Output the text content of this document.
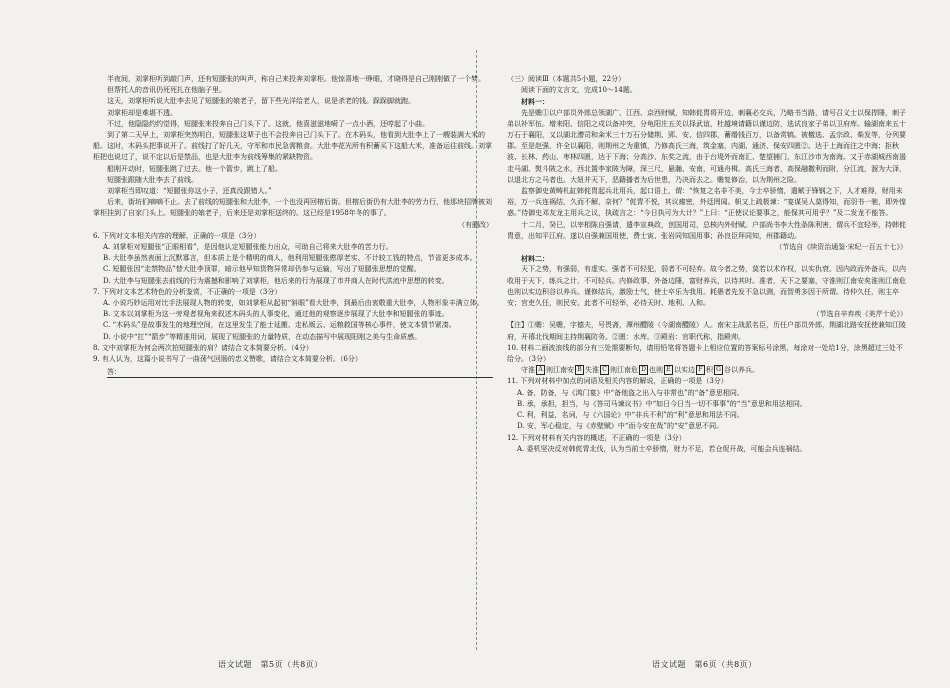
半夜间，刘掌柜听到敲门声，还有短腿张的叫声，称自己来投奔刘掌柜。他惊喜地一睁眼，才晓得是自己刚刚做了一个梦。

但帮托人的音讯仍死死扎在他脑子里。

这天，刘掌柜听说大肚李去见了短腿张的娘老子，留下些光洋给老人，说是杀老的钱。跺跺脚就跑。

刘掌柜却是难堪不透。

不过，他隐隐约约觉得，短腿张来投奔自己门头下了。这就，他喜滋滋地嗬了一点小酒，还哼起了小曲。

到了第二天早上，刘掌柜突然明白，短腿张这辈子也不会投奔自己门头下了。在木码头，他看到大肚李上了一艘装满大米的船。这时，木码头把事说开了。前线打了好几天，守军和市民急需粮食。大肚李花光所有积蓄买下这船大米，准备运往前线。刘掌柜把也说过了，说不定以后是禁品，也是大肚李为前线筹集的紧缺物资。

船刚开动时，短腿张跳了过去。他一个箭步，跳上了船。

短腿张跟随大肚李去了前线。

刘掌柜当即叹道：“短腿张你这小子，还真没跟错人。”

后来，街坊们嘀嘀不止。去了前线的短腿张和大肚李，一个也没再回榕后街。但榕后街仍有大肚李的劳力行，他那块招牌被刘掌柜挂到了自家门头上。短腿张的娘老子，后来还是刘掌柜送终的。这已经是1958年冬的事了。

（有删改）

6. 下列对文本相关内容的理解，正确的一项是（3分）

A. 刘掌柜对短腿张“正眼相看”，是因他认定短腿张能力出众，可助自己将来大肚李的苦力行。

B. 大肚李虽然表面上沉默寡言，但本质上是个精明的商人，他利用短腿张憨厚老实、不计较工钱的特点，节省更多成本。

C. 短腿张因“走禁物品”替大肚李顶罪，暗示他早知货物异常却仍参与运输，写出了短腿张思想的觉醒。

D. 大肚李与短腿张去前线的行为震撼和影响了刘掌柜，他后来的行为展现了市井商人在时代洪流中思想的转变。

7. 下列对文本艺术特色的分析鉴赏，不正确的一项是（3分）

A. 小说巧妙运用对比手法展现人物的转变，如刘掌柜从起初“斜眼”看大肚李，到最后由衷敬重大肚李，人物形象丰满立体。

B. 文本以刘掌柜为这一旁观者视角来叙述木码头的人事变化，通过他的观察逐步展现了大肚李和短腿张的事迹。

C. “木码头”是故事发生的地理空间，在这里发生了能士延搬、走私贩云、运粮救国等核心事件，使文本情节紧凑。

D. 小说中“扛”“箭步”等精准用词，展现了短腿张的力量特质，在动态描写中展现阳刚之美与生命质感。

8. 文中刘掌柜为何会两次拍短腿张的肩？请结合文本简要分析。（4分）

9. 有人认为，这篇小说书写了一曲荡气回肠的忠义赞歌，请结合文本简要分析。（6分）

答：

（三）阅读Ⅲ（本题共5小题，22分）

阅读下面的文言文，完成10～14题。

材料一：

先是赡①以户部员外郎总领湖广、江西、京西财赋，知韩侂胄将开边，刺襄必交兵，乃略书当路，请号召义士以保捍陲，刺子弟以补军伍。增来阳、信阳之戍以备冲突，分龟阳庄五关以择武谊，杜越境请籍以谨边防，选试良家子弟以卫府库。输湖南来五十万石于襄阳，又以湖北漕司和籴米三十万石分储荆、郢、安、信四郡，蓄缗钱百万，以备赏犒。被檄选、孟宗政、柴发等，分列要郡。至是赵强，许全以襄阳，则荆州之为重镇，乃修高氏三海，筑金塞，内湖、通济、保安四匮②。达于上海而注之中海；拒秋波、长林、药山、枣林四匮，达于下海；分高沙、东奖之流，由于台堤外而南汇、楚望捕门，东江沙市为南海。又于赤湖城西南遏走马湖、熨斗陂之水，西北置李家陂为障，深三尺，悬瀚、安南，可通舟楫。高氏三海者，高保融撒利而附，分江流，溜为大泽，以退北方之马者也。大妞并天下，恶籍播者为后世患，乃决而去之。赡复修治，以为荆州之险。

监察御史黄畴札缸韩侂胄起兵北用兵，起口语上，谓：“恢复之名非不美，今士卒骄惰，遣赋于锋钢之下，人才难得，财用未裕，万一兵连祸结，久而不解，奈何？”侂胄不悦，其议瘧密，外廷罔闻。帜又上疏极谏：“宴谋吴人莫得知，而羽书一驰，即外惶惑。”侍御史邓友龙主用兵之议，执疏言之：“今日执可为大计？”上曰：“正使议论要事之，能保其可用乎？”及二发龙不能答。

十二月，癸巳，以宰相陈自强请，遣李宣典政，创国用司，总核内外财赋。户部尚书李大性条陈利害，谓兵不宜轻举，持韩侂胄意，出知平江府。遂以自强兼国用使，费士寅、张岩同知国用事；孙良臣拜同知，州郡籍动。

（节选自《续资治通鉴·宋纪一百五十七》）

材料二：

天下之势，有强弱，有虚实。强者不可轻犯，弱者不可轻弃。故今者之势，莫若以术诈权，以实仇衰。因内政而外备兵，以内收用于天下，练兵之计，不可轻兵。内修政事，外备边陲，富财养兵，以待其时。准者，天下之要塞，守淮则江南安矣淮则江南危也则以实边积谷以养兵。谨修结兵，激励士气，使士卒乐为我用。耗愚者先发不急以测，而智勇多因于所谓。待仲久任，则主卒安；官吏久任，则民安。此者不可轻举，必待天时、地利、人和。

（节选自辛弃疾《美芹十论》）

【注】①赡：吴赡，字德夫，号畏斋，潭州醴陵（今湖南醴陵）人。南宋主战派名臣，历任户部员外郎，荆湖北路安抚使兼知江陵府，开禧北伐期间主持荆襄防务。②匮：水库。③殿岩：官职代称，指殿帅。

10. 材料二画波浪线的部分有三处需要断句，请用铅笔将答题卡上相应位置的答案标号涂黑，每涂对一处给1分，涂黑超过三处不给分。（3分）

守淮 A 则江南安 B 失淮 C 则江南危 D 也则 E 以实边 F 积 G 谷以养兵。

11. 下列对材料中加点的词语及相关内容的解说，正确的一项是（3分）

A. 备，防备，与《鸿门宴》中“备他盗之出入与非常也”的“备”意思相同。

B. 承，承担，担当，与《答司马谏议书》中“如日今日当一切不事事”的“当”意思和用法相同。

C. 利，利益，名词，与《六国论》中“非兵不利”的“利”意思和用法不同。

D. 安，军心稳定，与《赤壁赋》中“而今安在哉”的“安”意思不同。

12. 下列对材料有关内容的概述，不正确的一项是（3分）

A. 委机坚决反对韩侂胄北伐，认为当前士卒骄惰，财力不足，若仓促开战，可能会兵连祸结。

语文试题　第5页（共8页）	语文试题　第6页（共8页）
